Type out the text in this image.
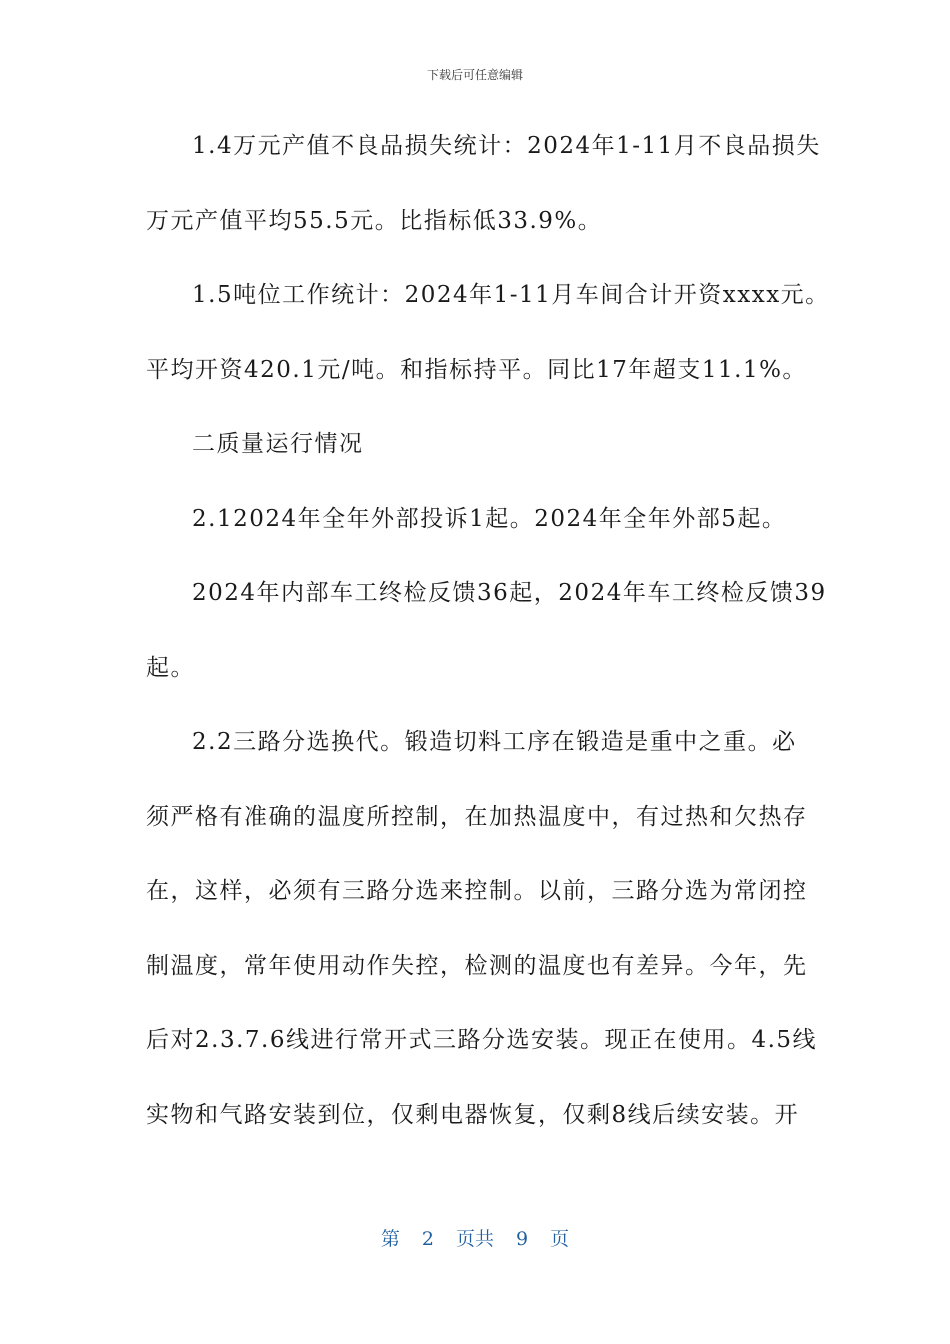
下载后可任意编辑
1.4万元产值不良品损失统计：2024年1-11月不良品损失
万元产值平均55.5元。比指标低33.9%。
1.5吨位工作统计：2024年1-11月车间合计开资xxxx元。
平均开资420.1元/吨。和指标持平。同比17年超支11.1%。
二质量运行情况
2.12024年全年外部投诉1起。2024年全年外部5起。
2024年内部车工终检反馈36起，2024年车工终检反馈39
起。
2.2三路分选换代。锻造切料工序在锻造是重中之重。必
须严格有准确的温度所控制，在加热温度中，有过热和欠热存
在，这样，必须有三路分选来控制。以前，三路分选为常闭控
制温度，常年使用动作失控，检测的温度也有差异。今年，先
后对2.3.7.6线进行常开式三路分选安装。现正在使用。4.5线
实物和气路安装到位，仅剩电器恢复，仅剩8线后续安装。开
第 2 页共 9 页
